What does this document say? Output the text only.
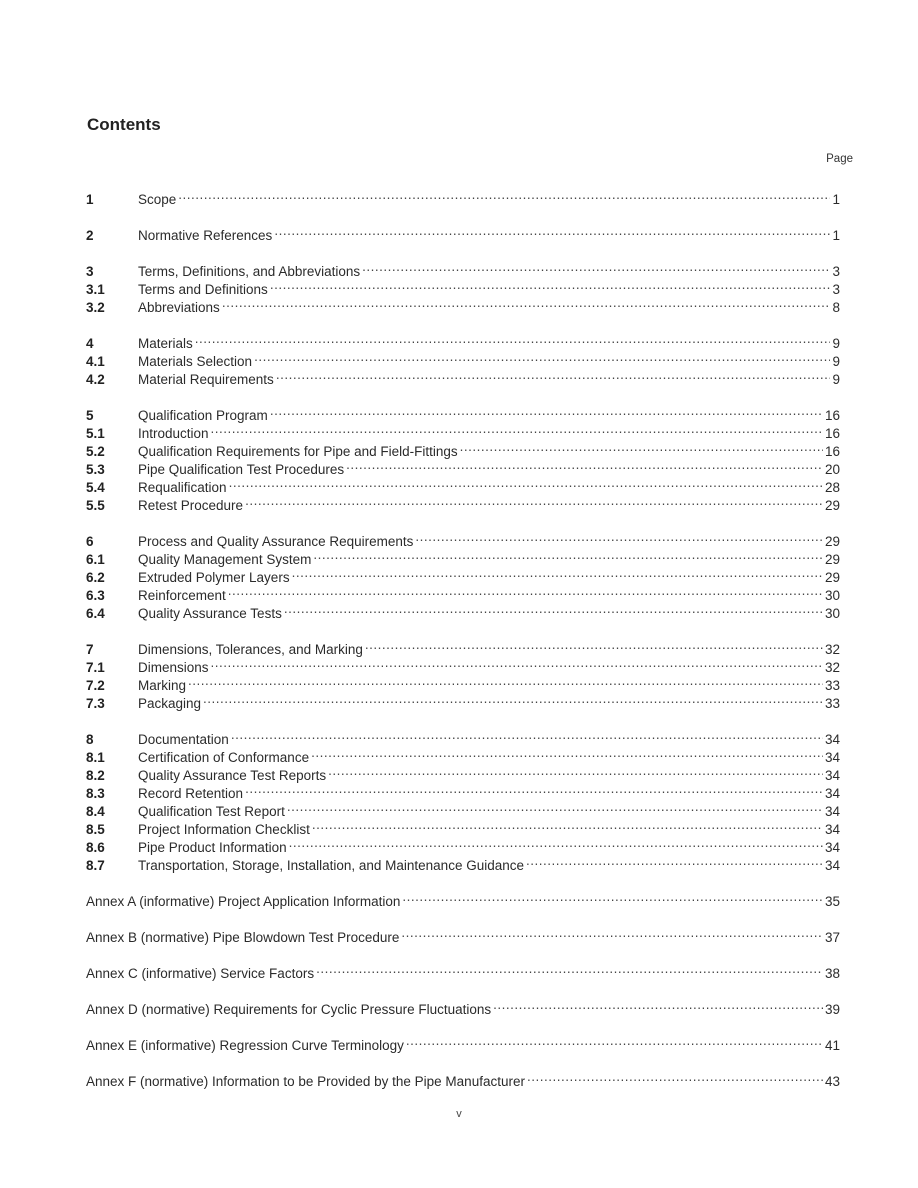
Contents
Page
1	Scope .....	1
2	Normative References .....	1
3	Terms, Definitions, and Abbreviations .....	3
3.1	Terms and Definitions .....	3
3.2	Abbreviations .....	8
4	Materials .....	9
4.1	Materials Selection .....	9
4.2	Material Requirements .....	9
5	Qualification Program .....	16
5.1	Introduction .....	16
5.2	Qualification Requirements for Pipe and Field-Fittings .....	16
5.3	Pipe Qualification Test Procedures .....	20
5.4	Requalification .....	28
5.5	Retest Procedure .....	29
6	Process and Quality Assurance Requirements .....	29
6.1	Quality Management System .....	29
6.2	Extruded Polymer Layers .....	29
6.3	Reinforcement .....	30
6.4	Quality Assurance Tests .....	30
7	Dimensions, Tolerances, and Marking .....	32
7.1	Dimensions .....	32
7.2	Marking .....	33
7.3	Packaging .....	33
8	Documentation .....	34
8.1	Certification of Conformance .....	34
8.2	Quality Assurance Test Reports .....	34
8.3	Record Retention .....	34
8.4	Qualification Test Report .....	34
8.5	Project Information Checklist .....	34
8.6	Pipe Product Information .....	34
8.7	Transportation, Storage, Installation, and Maintenance Guidance .....	34
Annex A (informative) Project Application Information .....	35
Annex B (normative) Pipe Blowdown Test Procedure .....	37
Annex C (informative) Service Factors .....	38
Annex D (normative) Requirements for Cyclic Pressure Fluctuations .....	39
Annex E (informative) Regression Curve Terminology .....	41
Annex F (normative) Information to be Provided by the Pipe Manufacturer .....	43
v
